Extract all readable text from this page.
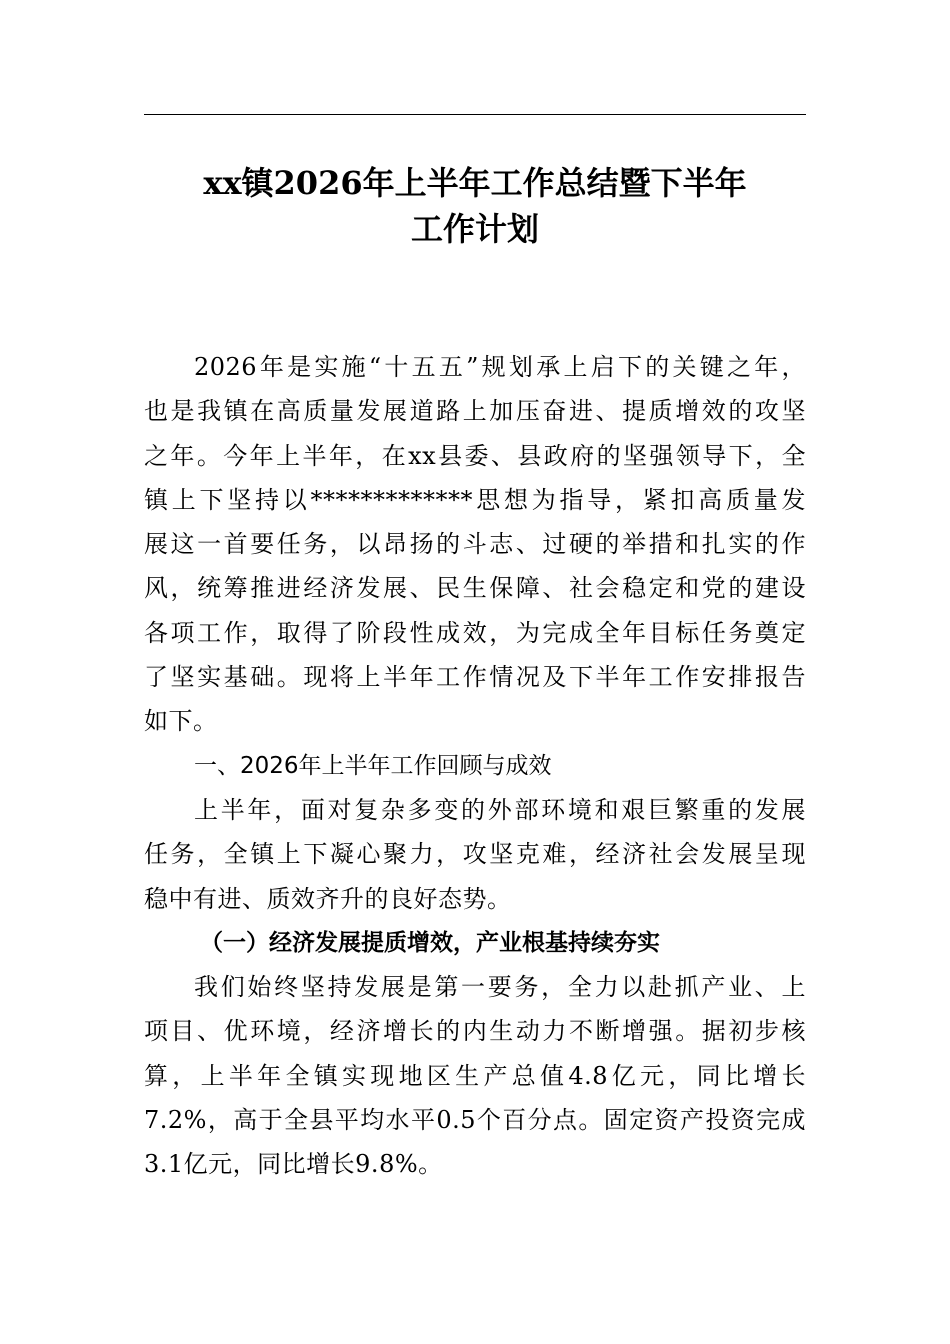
xx镇2026年上半年工作总结暨下半年
工作计划
2026年是实施“十五五”规划承上启下的关键之年，
也是我镇在高质量发展道路上加压奋进、提质增效的攻坚
之年。今年上半年，在xx县委、县政府的坚强领导下，全
镇上下坚持以*************思想为指导，紧扣高质量发
展这一首要任务，以昂扬的斗志、过硬的举措和扎实的作
风，统筹推进经济发展、民生保障、社会稳定和党的建设
各项工作，取得了阶段性成效，为完成全年目标任务奠定
了坚实基础。现将上半年工作情况及下半年工作安排报告
如下。
一、2026年上半年工作回顾与成效
上半年，面对复杂多变的外部环境和艰巨繁重的发展
任务，全镇上下凝心聚力，攻坚克难，经济社会发展呈现
稳中有进、质效齐升的良好态势。
（一）经济发展提质增效，产业根基持续夯实
我们始终坚持发展是第一要务，全力以赴抓产业、上
项目、优环境，经济增长的内生动力不断增强。据初步核
算，上半年全镇实现地区生产总值4.8亿元，同比增长
7.2%，高于全县平均水平0.5个百分点。固定资产投资完成
3.1亿元，同比增长9.8%。
